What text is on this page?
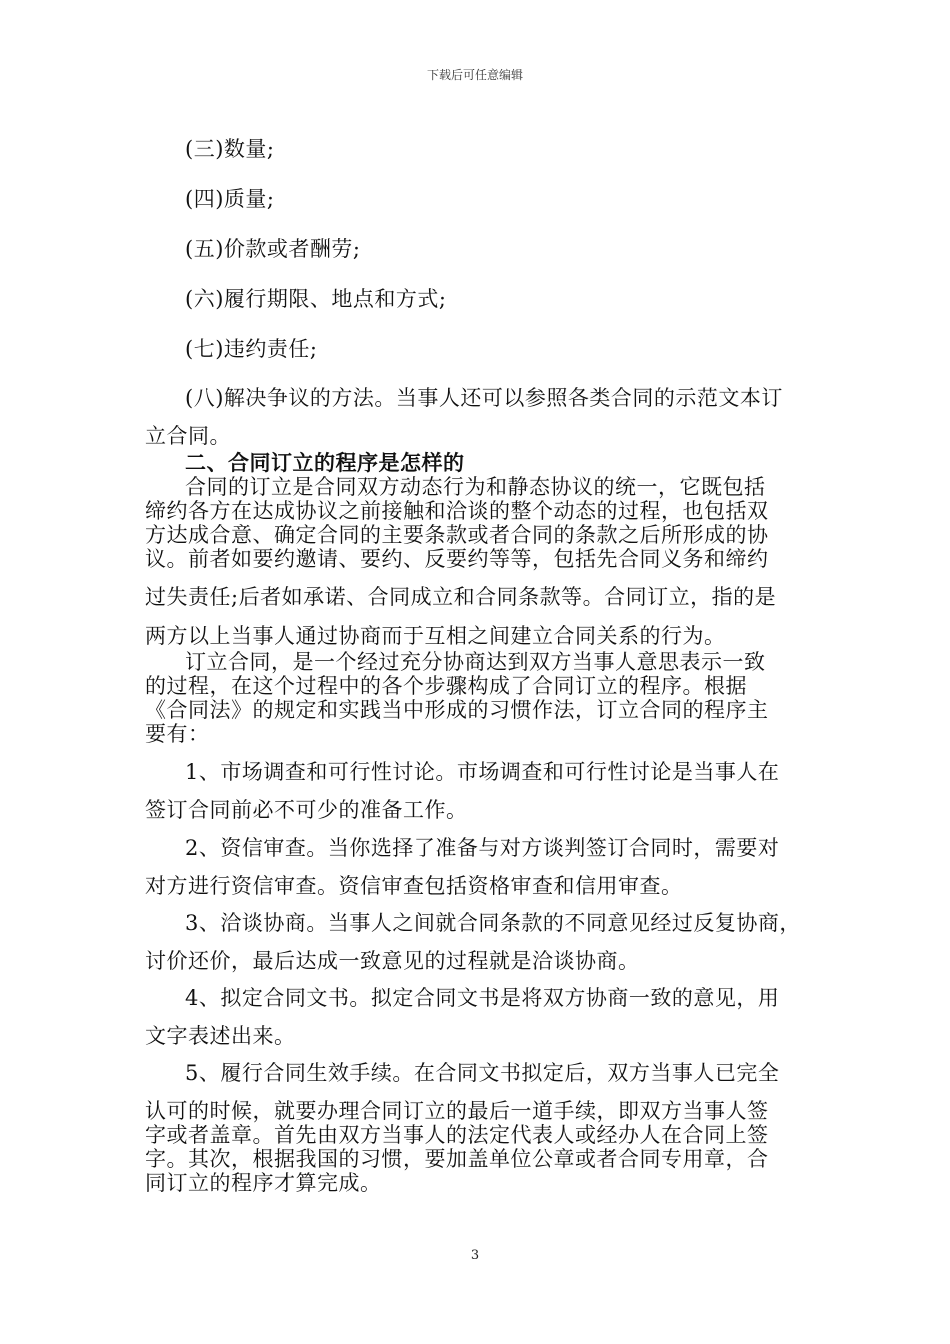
下载后可任意编辑
(三)数量;
(四)质量;
(五)价款或者酬劳;
(六)履行期限、地点和方式;
(七)违约责任;
(八)解决争议的方法。当事人还可以参照各类合同的示范文本订
立合同。
二、合同订立的程序是怎样的
合同的订立是合同双方动态行为和静态协议的统一，它既包括
缔约各方在达成协议之前接触和洽谈的整个动态的过程，也包括双
方达成合意、确定合同的主要条款或者合同的条款之后所形成的协
议。前者如要约邀请、要约、反要约等等，包括先合同义务和缔约
过失责任;后者如承诺、合同成立和合同条款等。合同订立，指的是
两方以上当事人通过协商而于互相之间建立合同关系的行为。
订立合同，是一个经过充分协商达到双方当事人意思表示一致
的过程，在这个过程中的各个步骤构成了合同订立的程序。根据
《合同法》的规定和实践当中形成的习惯作法，订立合同的程序主
要有：
1、市场调查和可行性讨论。市场调查和可行性讨论是当事人在
签订合同前必不可少的准备工作。
2、资信审查。当你选择了准备与对方谈判签订合同时，需要对
对方进行资信审查。资信审查包括资格审查和信用审查。
3、洽谈协商。当事人之间就合同条款的不同意见经过反复协商，
讨价还价，最后达成一致意见的过程就是洽谈协商。
4、拟定合同文书。拟定合同文书是将双方协商一致的意见，用
文字表述出来。
5、履行合同生效手续。在合同文书拟定后，双方当事人已完全
认可的时候，就要办理合同订立的最后一道手续，即双方当事人签
字或者盖章。首先由双方当事人的法定代表人或经办人在合同上签
字。其次，根据我国的习惯，要加盖单位公章或者合同专用章，合
同订立的程序才算完成。
3
